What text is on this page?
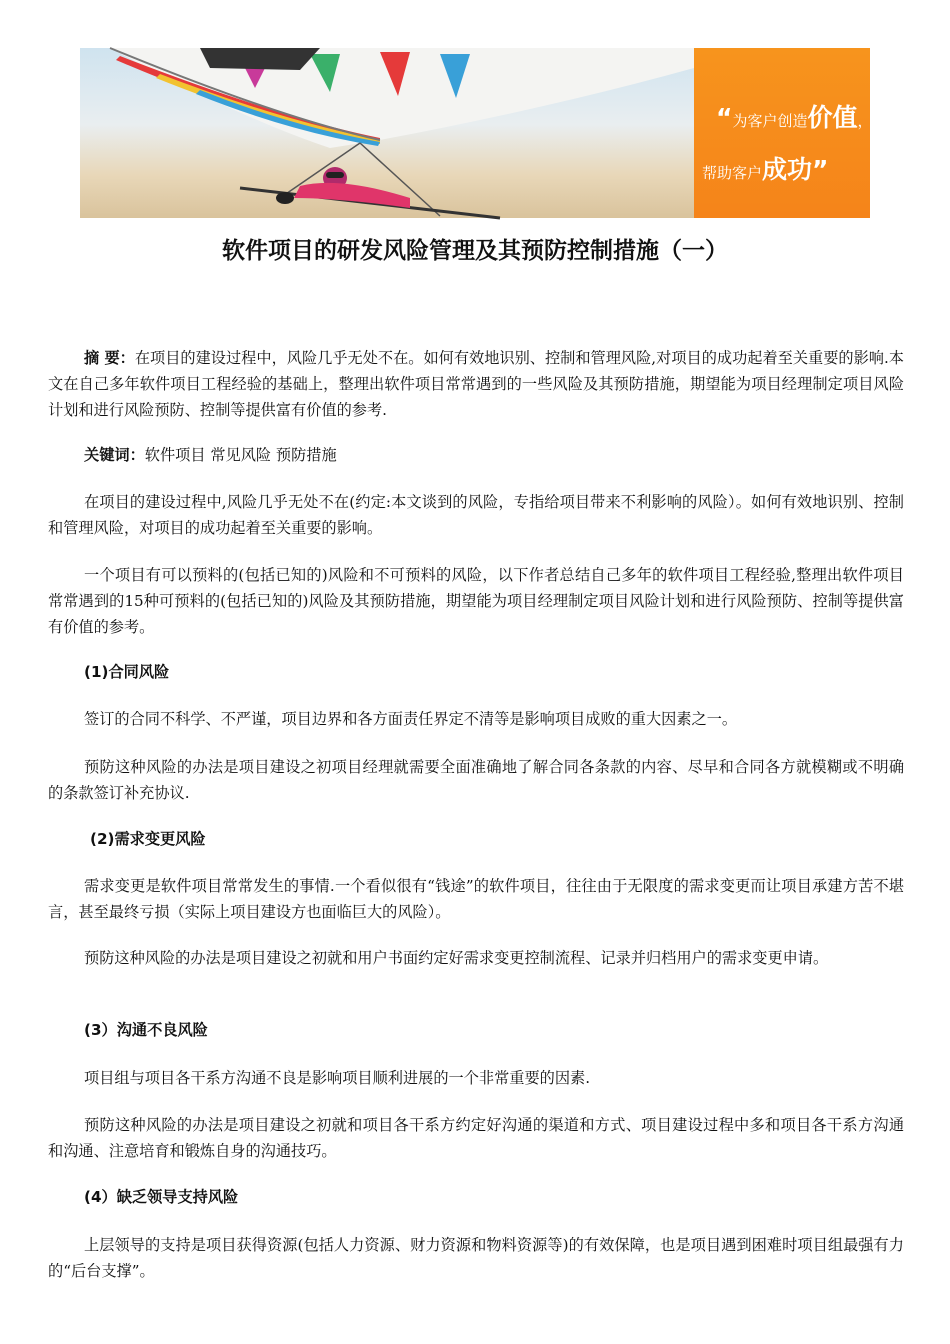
“为客户创造价值，
帮助客户成功”
软件项目的研发风险管理及其预防控制措施（一）

摘 要：在项目的建设过程中，风险几乎无处不在。如何有效地识别、控制和管理风险,对项目的成功起着至关重要的影响.本文在自己多年软件项目工程经验的基础上，整理出软件项目常常遇到的一些风险及其预防措施，期望能为项目经理制定项目风险计划和进行风险预防、控制等提供富有价值的参考.

关键词：软件项目 常见风险 预防措施

在项目的建设过程中,风险几乎无处不在(约定:本文谈到的风险，专指给项目带来不利影响的风险）。如何有效地识别、控制和管理风险，对项目的成功起着至关重要的影响。

一个项目有可以预料的(包括已知的)风险和不可预料的风险，以下作者总结自己多年的软件项目工程经验,整理出软件项目常常遇到的15种可预料的(包括已知的)风险及其预防措施，期望能为项目经理制定项目风险计划和进行风险预防、控制等提供富有价值的参考。

(1)合同风险

签订的合同不科学、不严谨，项目边界和各方面责任界定不清等是影响项目成败的重大因素之一。

预防这种风险的办法是项目建设之初项目经理就需要全面准确地了解合同各条款的内容、尽早和合同各方就模糊或不明确的条款签订补充协议.

(2)需求变更风险

需求变更是软件项目常常发生的事情.一个看似很有“钱途”的软件项目，往往由于无限度的需求变更而让项目承建方苦不堪言，甚至最终亏损（实际上项目建设方也面临巨大的风险）。

预防这种风险的办法是项目建设之初就和用户书面约定好需求变更控制流程、记录并归档用户的需求变更申请。

(3）沟通不良风险

项目组与项目各干系方沟通不良是影响项目顺利进展的一个非常重要的因素.

预防这种风险的办法是项目建设之初就和项目各干系方约定好沟通的渠道和方式、项目建设过程中多和项目各干系方沟通和沟通、注意培育和锻炼自身的沟通技巧。

(4）缺乏领导支持风险

上层领导的支持是项目获得资源(包括人力资源、财力资源和物料资源等)的有效保障，也是项目遇到困难时项目组最强有力的“后台支撑”。
